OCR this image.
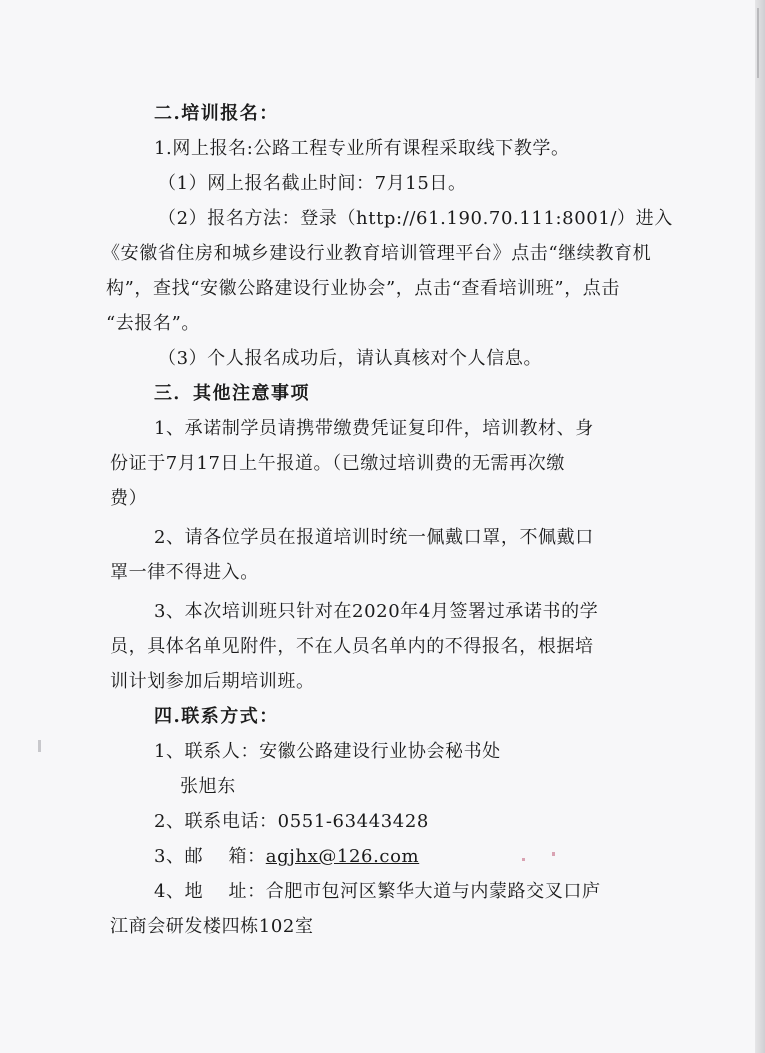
二.培训报名：
1.网上报名:公路工程专业所有课程采取线下教学。
（1）网上报名截止时间：7月15日。
（2）报名方法：登录（http://61.190.70.111:8001/）进入
《安徽省住房和城乡建设行业教育培训管理平台》点击“继续教育机
构”，查找“安徽公路建设行业协会”，点击“查看培训班”，点击
“去报名”。
（3）个人报名成功后，请认真核对个人信息。
三．其他注意事项
1、承诺制学员请携带缴费凭证复印件，培训教材、身
份证于7月17日上午报道。（已缴过培训费的无需再次缴
费）
2、请各位学员在报道培训时统一佩戴口罩，不佩戴口
罩一律不得进入。
3、本次培训班只针对在2020年4月签署过承诺书的学
员，具体名单见附件，不在人员名单内的不得报名，根据培
训计划参加后期培训班。
四.联系方式：
1、联系人：安徽公路建设行业协会秘书处
张旭东
2、联系电话：0551-63443428
3、邮    箱：agjhx@126.com
4、地    址：合肥市包河区繁华大道与内蒙路交叉口庐
江商会研发楼四栋102室
